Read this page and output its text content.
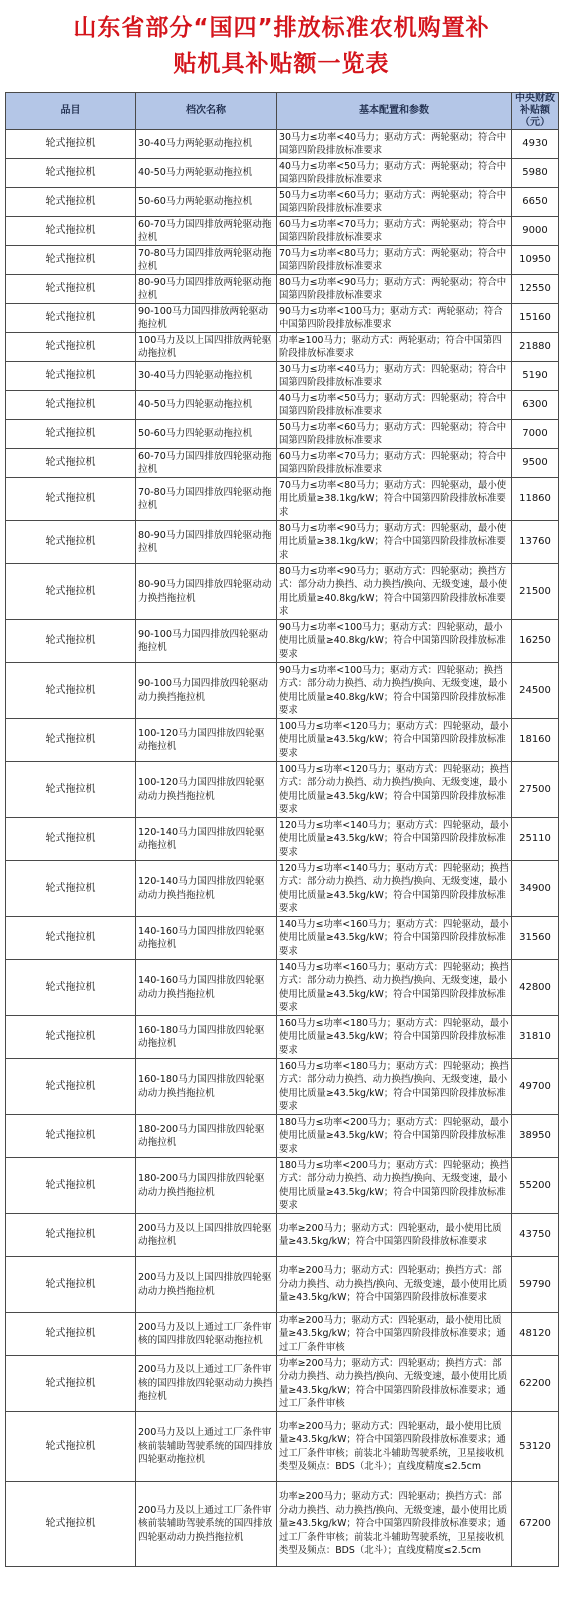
山东省部分“国四”排放标准农机购置补
贴机具补贴额一览表
品目	档次名称	基本配置和参数	中央财政补贴额（元）
轮式拖拉机	30-40马力两轮驱动拖拉机	30马力≤功率<40马力；驱动方式：两轮驱动；符合中国第四阶段排放标准要求	4930
轮式拖拉机	40-50马力两轮驱动拖拉机	40马力≤功率<50马力；驱动方式：两轮驱动；符合中国第四阶段排放标准要求	5980
轮式拖拉机	50-60马力两轮驱动拖拉机	50马力≤功率<60马力；驱动方式：两轮驱动；符合中国第四阶段排放标准要求	6650
轮式拖拉机	60-70马力国四排放两轮驱动拖拉机	60马力≤功率<70马力；驱动方式：两轮驱动；符合中国第四阶段排放标准要求	9000
轮式拖拉机	70-80马力国四排放两轮驱动拖拉机	70马力≤功率<80马力；驱动方式：两轮驱动；符合中国第四阶段排放标准要求	10950
轮式拖拉机	80-90马力国四排放两轮驱动拖拉机	80马力≤功率<90马力；驱动方式：两轮驱动；符合中国第四阶段排放标准要求	12550
轮式拖拉机	90-100马力国四排放两轮驱动拖拉机	90马力≤功率<100马力；驱动方式：两轮驱动；符合中国第四阶段排放标准要求	15160
轮式拖拉机	100马力及以上国四排放两轮驱动拖拉机	功率≥100马力；驱动方式：两轮驱动；符合中国第四阶段排放标准要求	21880
轮式拖拉机	30-40马力四轮驱动拖拉机	30马力≤功率<40马力；驱动方式：四轮驱动；符合中国第四阶段排放标准要求	5190
轮式拖拉机	40-50马力四轮驱动拖拉机	40马力≤功率<50马力；驱动方式：四轮驱动；符合中国第四阶段排放标准要求	6300
轮式拖拉机	50-60马力四轮驱动拖拉机	50马力≤功率<60马力；驱动方式：四轮驱动；符合中国第四阶段排放标准要求	7000
轮式拖拉机	60-70马力国四排放四轮驱动拖拉机	60马力≤功率<70马力；驱动方式：四轮驱动；符合中国第四阶段排放标准要求	9500
轮式拖拉机	70-80马力国四排放四轮驱动拖拉机	70马力≤功率<80马力；驱动方式：四轮驱动，最小使用比质量≥38.1kg/kW；符合中国第四阶段排放标准要求	11860
轮式拖拉机	80-90马力国四排放四轮驱动拖拉机	80马力≤功率<90马力；驱动方式：四轮驱动，最小使用比质量≥38.1kg/kW；符合中国第四阶段排放标准要求	13760
轮式拖拉机	80-90马力国四排放四轮驱动动力换挡拖拉机	80马力≤功率<90马力；驱动方式：四轮驱动；换挡方式：部分动力换挡、动力换挡/换向、无级变速，最小使用比质量≥40.8kg/kW；符合中国第四阶段排放标准要求	21500
轮式拖拉机	90-100马力国四排放四轮驱动拖拉机	90马力≤功率<100马力；驱动方式：四轮驱动，最小使用比质量≥40.8kg/kW；符合中国第四阶段排放标准要求	16250
轮式拖拉机	90-100马力国四排放四轮驱动动力换挡拖拉机	90马力≤功率<100马力；驱动方式：四轮驱动；换挡方式：部分动力换挡、动力换挡/换向、无级变速，最小使用比质量≥40.8kg/kW；符合中国第四阶段排放标准要求	24500
轮式拖拉机	100-120马力国四排放四轮驱动拖拉机	100马力≤功率<120马力；驱动方式：四轮驱动，最小使用比质量≥43.5kg/kW；符合中国第四阶段排放标准要求	18160
轮式拖拉机	100-120马力国四排放四轮驱动动力换挡拖拉机	100马力≤功率<120马力；驱动方式：四轮驱动；换挡方式：部分动力换挡、动力换挡/换向、无级变速，最小使用比质量≥43.5kg/kW；符合中国第四阶段排放标准要求	27500
轮式拖拉机	120-140马力国四排放四轮驱动拖拉机	120马力≤功率<140马力；驱动方式：四轮驱动，最小使用比质量≥43.5kg/kW；符合中国第四阶段排放标准要求	25110
轮式拖拉机	120-140马力国四排放四轮驱动动力换挡拖拉机	120马力≤功率<140马力；驱动方式：四轮驱动；换挡方式：部分动力换挡、动力换挡/换向、无级变速，最小使用比质量≥43.5kg/kW；符合中国第四阶段排放标准要求	34900
轮式拖拉机	140-160马力国四排放四轮驱动拖拉机	140马力≤功率<160马力；驱动方式：四轮驱动，最小使用比质量≥43.5kg/kW；符合中国第四阶段排放标准要求	31560
轮式拖拉机	140-160马力国四排放四轮驱动动力换挡拖拉机	140马力≤功率<160马力；驱动方式：四轮驱动；换挡方式：部分动力换挡、动力换挡/换向、无级变速，最小使用比质量≥43.5kg/kW；符合中国第四阶段排放标准要求	42800
轮式拖拉机	160-180马力国四排放四轮驱动拖拉机	160马力≤功率<180马力；驱动方式：四轮驱动，最小使用比质量≥43.5kg/kW；符合中国第四阶段排放标准要求	31810
轮式拖拉机	160-180马力国四排放四轮驱动动力换挡拖拉机	160马力≤功率<180马力；驱动方式：四轮驱动；换挡方式：部分动力换挡、动力换挡/换向、无级变速，最小使用比质量≥43.5kg/kW；符合中国第四阶段排放标准要求	49700
轮式拖拉机	180-200马力国四排放四轮驱动拖拉机	180马力≤功率<200马力；驱动方式：四轮驱动，最小使用比质量≥43.5kg/kW；符合中国第四阶段排放标准要求	38950
轮式拖拉机	180-200马力国四排放四轮驱动动力换挡拖拉机	180马力≤功率<200马力；驱动方式：四轮驱动；换挡方式：部分动力换挡、动力换挡/换向、无级变速，最小使用比质量≥43.5kg/kW；符合中国第四阶段排放标准要求	55200
轮式拖拉机	200马力及以上国四排放四轮驱动拖拉机	功率≥200马力；驱动方式：四轮驱动，最小使用比质量≥43.5kg/kW；符合中国第四阶段排放标准要求	43750
轮式拖拉机	200马力及以上国四排放四轮驱动动力换挡拖拉机	功率≥200马力；驱动方式：四轮驱动；换挡方式：部分动力换挡、动力换挡/换向、无级变速，最小使用比质量≥43.5kg/kW；符合中国第四阶段排放标准要求	59790
轮式拖拉机	200马力及以上通过工厂条件审核的国四排放四轮驱动拖拉机	功率≥200马力；驱动方式：四轮驱动，最小使用比质量≥43.5kg/kW；符合中国第四阶段排放标准要求；通过工厂条件审核	48120
轮式拖拉机	200马力及以上通过工厂条件审核的国四排放四轮驱动动力换挡拖拉机	功率≥200马力；驱动方式：四轮驱动；换挡方式：部分动力换挡、动力换挡/换向、无级变速，最小使用比质量≥43.5kg/kW；符合中国第四阶段排放标准要求；通过工厂条件审核	62200
轮式拖拉机	200马力及以上通过工厂条件审核前装辅助驾驶系统的国四排放四轮驱动拖拉机	功率≥200马力；驱动方式：四轮驱动，最小使用比质量≥43.5kg/kW；符合中国第四阶段排放标准要求；通过工厂条件审核；前装北斗辅助驾驶系统，卫星接收机类型及频点：BDS（北斗）；直线度精度≤2.5cm	53120
轮式拖拉机	200马力及以上通过工厂条件审核前装辅助驾驶系统的国四排放四轮驱动动力换挡拖拉机	功率≥200马力；驱动方式：四轮驱动；换挡方式：部分动力换挡、动力换挡/换向、无级变速，最小使用比质量≥43.5kg/kW；符合中国第四阶段排放标准要求；通过工厂条件审核；前装北斗辅助驾驶系统，卫星接收机类型及频点：BDS（北斗）；直线度精度≤2.5cm	67200
